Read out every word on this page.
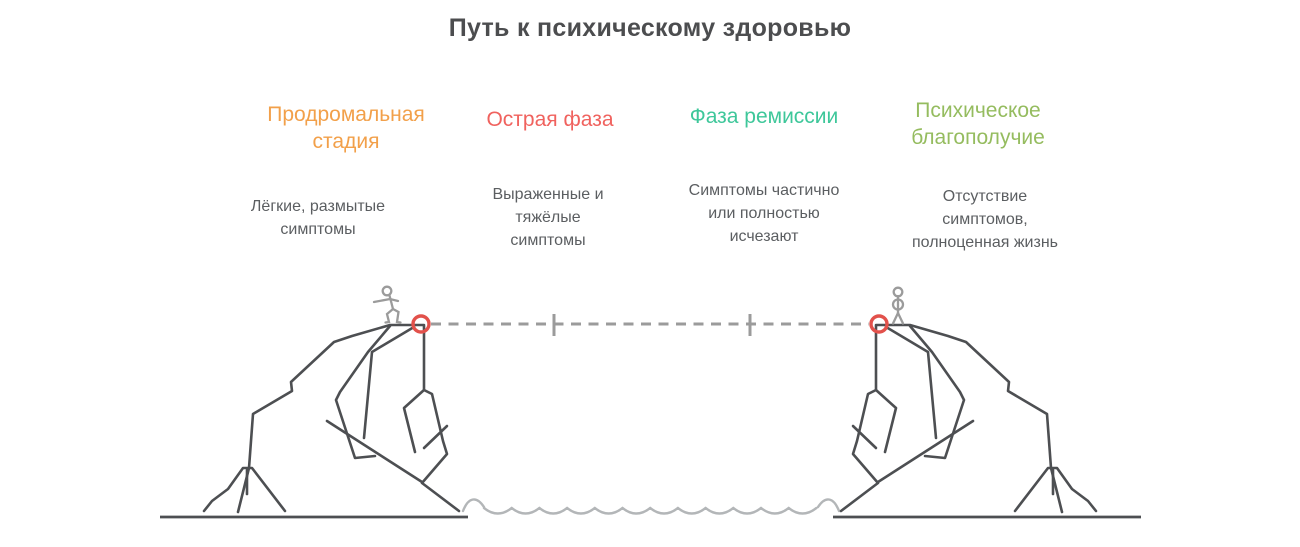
Путь к психическому здоровью
Продромальная стадия
Острая фаза	Фаза ремиссии	Психическое благополучие
Лёгкие, размытые симптомы
Выраженные и тяжёлые симптомы
Симптомы частично или полностью исчезают
Отсутствие симптомов, полноценная жизнь
